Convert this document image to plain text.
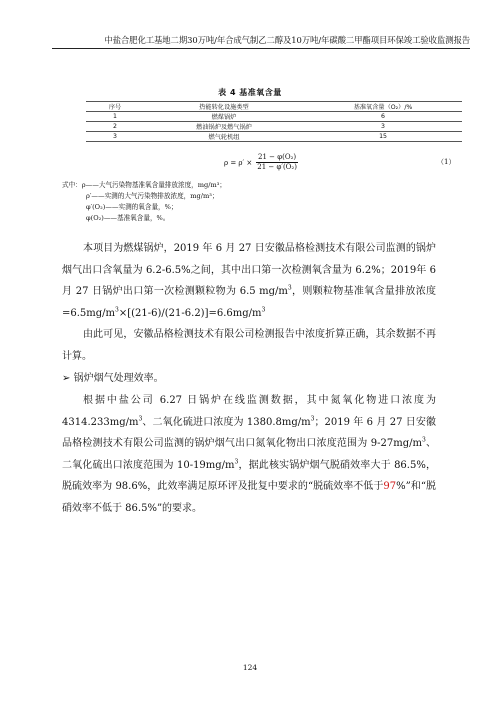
中盐合肥化工基地二期30万吨/年合成气制乙二醇及10万吨/年碳酸二甲酯项目环保竣工验收监测报告
表 4 基准氧含量
序号	热能转化设施类型	基准氧含量（O₂）/%
1	燃煤锅炉	6
2	燃油锅炉及燃气锅炉	3
3	燃气轮机组	15
$\rho = \rho' \times \frac{\text{21 − φ(O₂)}}{\text{21 − φ′(O₂)}}$	（1）
式中：ρ——大气污染物基准氧含量排放浓度，mg/m³；
ρ′——实测的大气污染物排放浓度，mg/m³；
φ′(O₂)——实测的氧含量，%；
φ(O₂)——基准氧含量，%。
本项目为燃煤锅炉，2019 年 6 月 27 日安徽品格检测技术有限公司监测的锅炉烟气出口含氧量为 6.2-6.5%之间，其中出口第一次检测氧含量为 6.2%；2019年 6 月 27 日锅炉出口第一次检测颗粒物为 6.5 $mg/m^3$，则颗粒物基准氧含量排放浓度$=6.5mg/m^3\times[(21-6)/(21-6.2)]=6.6mg/m^3$
由此可见，安徽品格检测技术有限公司检测报告中浓度折算正确，其余数据不再计算。
➢ 锅炉烟气处理效率。
根据中盐公司 6.27 日锅炉在线监测数据，其中氮氧化物进口浓度为$4314.233mg/m^3$、二氧化硫进口浓度为 $1380.8mg/m^3$；2019 年 6 月 27 日安徽品格检测技术有限公司监测的锅炉烟气出口氮氧化物出口浓度范围为 $9-27mg/m^3$、二氧化硫出口浓度范围为 $10-19mg/m^3$，据此核实锅炉烟气脱硝效率大于 86.5%，脱硫效率为 98.6%，此效率满足原环评及批复中要求的“脱硫效率不低于97%”和“脱硝效率不低于 86.5%”的要求。
124
